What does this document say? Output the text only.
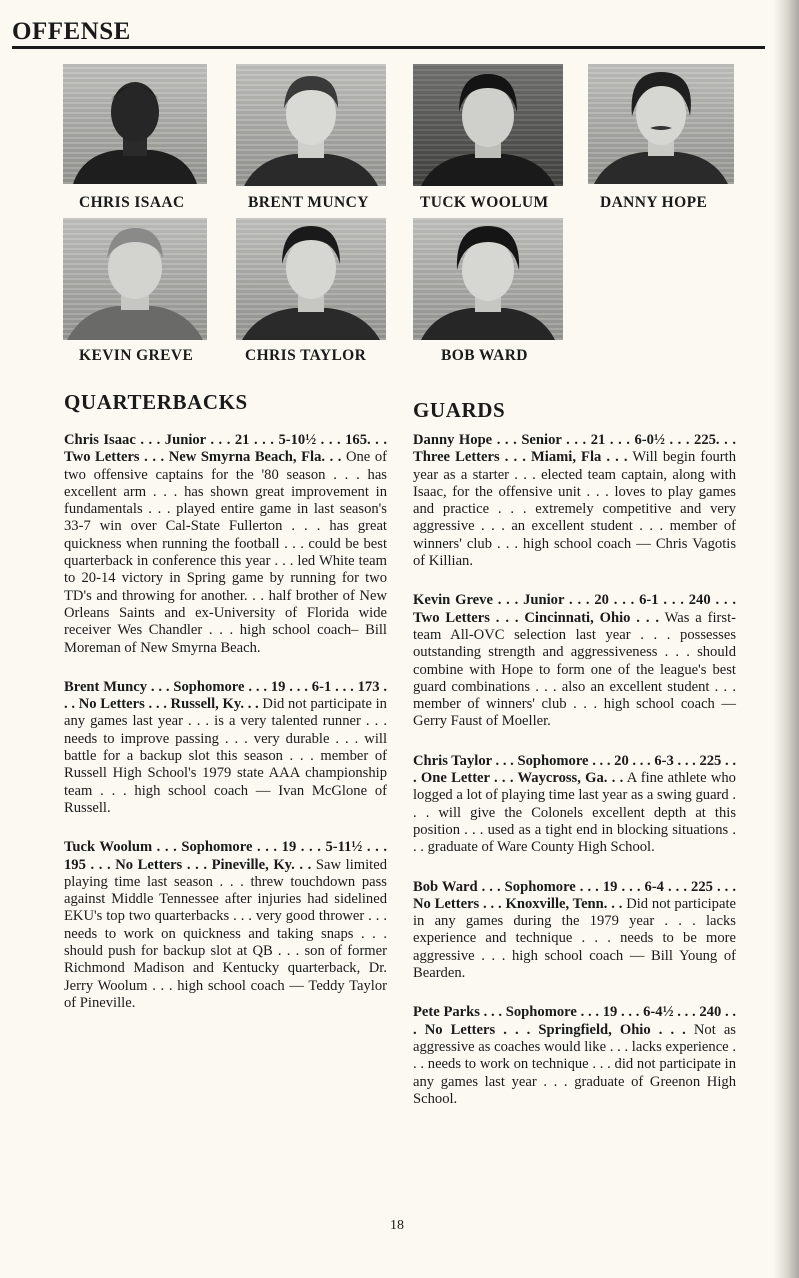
OFFENSE

CHRIS ISAAC	BRENT MUNCY	TUCK WOOLUM	DANNY HOPE

KEVIN GREVE	CHRIS TAYLOR	BOB WARD

QUARTERBACKS

Chris Isaac . . . Junior . . . 21 . . . 5-10½ . . . 165. . . Two Letters . . . New Smyrna Beach, Fla. . . One of two offensive captains for the '80 season . . . has excellent arm . . . has shown great improvement in fundamentals . . . played entire game in last season's 33-7 win over Cal-State Fullerton . . . has great quickness when running the football . . . could be best quarterback in conference this year . . . led White team to 20-14 victory in Spring game by running for two TD's and throwing for another. . . half brother of New Orleans Saints and ex-University of Florida wide receiver Wes Chandler . . . high school coach– Bill Moreman of New Smyrna Beach.

Brent Muncy . . . Sophomore . . . 19 . . . 6-1 . . . 173 . . . No Letters . . . Russell, Ky. . . Did not participate in any games last year . . . is a very talented runner . . . needs to improve passing . . . very durable . . . will battle for a backup slot this season . . . member of Russell High School's 1979 state AAA championship team . . . high school coach — Ivan McGlone of Russell.

Tuck Woolum . . . Sophomore . . . 19 . . . 5-11½ . . . 195 . . . No Letters . . . Pineville, Ky. . . Saw limited playing time last season . . . threw touchdown pass against Middle Tennessee after injuries had sidelined EKU's top two quarterbacks . . . very good thrower . . . needs to work on quickness and taking snaps . . . should push for backup slot at QB . . . son of former Richmond Madison and Kentucky quarterback, Dr. Jerry Woolum . . . high school coach — Teddy Taylor of Pineville.

GUARDS

Danny Hope . . . Senior . . . 21 . . . 6-0½ . . . 225. . . Three Letters . . . Miami, Fla . . . Will begin fourth year as a starter . . . elected team captain, along with Isaac, for the offensive unit . . . loves to play games and practice . . . extremely competitive and very aggressive . . . an excellent student . . . member of winners' club . . . high school coach — Chris Vagotis of Killian.

Kevin Greve . . . Junior . . . 20 . . . 6-1 . . . 240 . . . Two Letters . . . Cincinnati, Ohio . . . Was a first-team All-OVC selection last year . . . possesses outstanding strength and aggressiveness . . . should combine with Hope to form one of the league's best guard combinations . . . also an excellent student . . . member of winners' club . . . high school coach — Gerry Faust of Moeller.

Chris Taylor . . . Sophomore . . . 20 . . . 6-3 . . . 225 . . . One Letter . . . Waycross, Ga. . . A fine athlete who logged a lot of playing time last year as a swing guard . . . will give the Colonels excellent depth at this position . . . used as a tight end in blocking situations . . . graduate of Ware County High School.

Bob Ward . . . Sophomore . . . 19 . . . 6-4 . . . 225 . . . No Letters . . . Knoxville, Tenn. . . Did not participate in any games during the 1979 year . . . lacks experience and technique . . . needs to be more aggressive . . . high school coach — Bill Young of Bearden.

Pete Parks . . . Sophomore . . . 19 . . . 6-4½ . . . 240 . . . No Letters . . . Springfield, Ohio . . . Not as aggressive as coaches would like . . . lacks experience . . . needs to work on technique . . . did not participate in any games last year . . . graduate of Greenon High School.

18
